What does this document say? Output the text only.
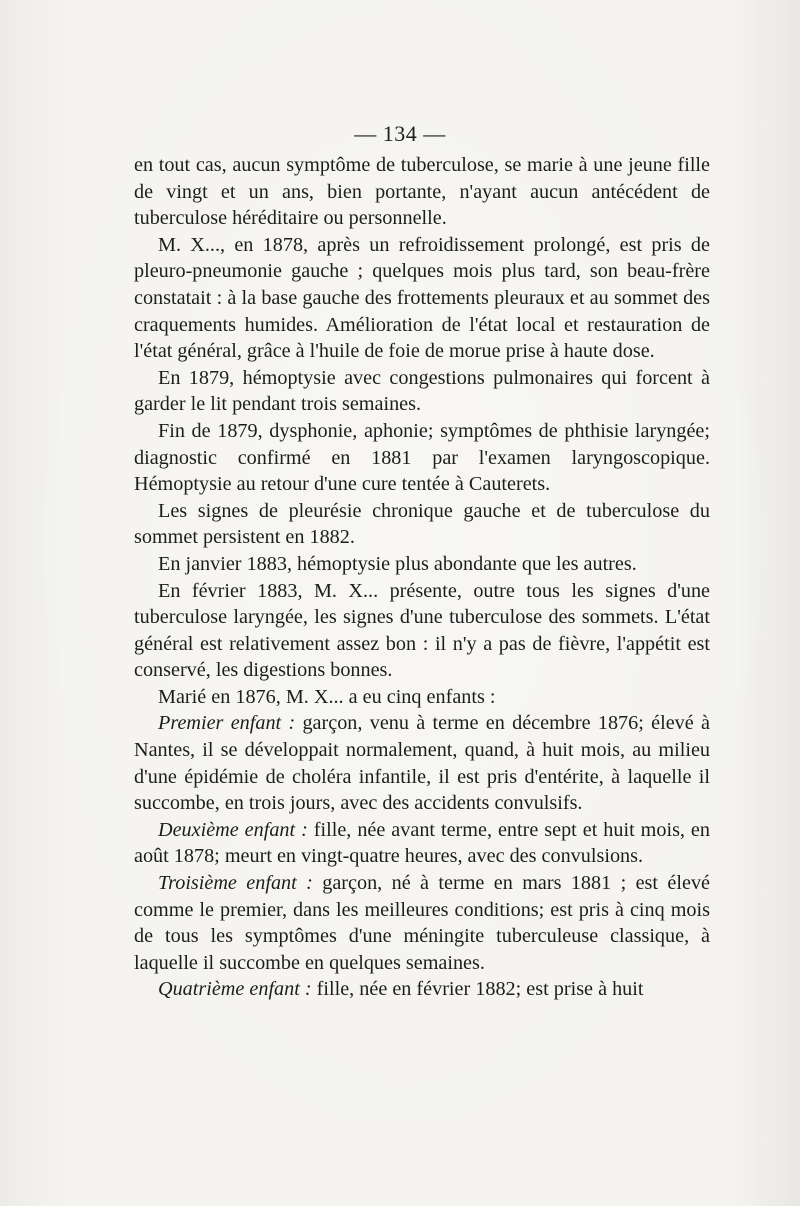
— 134 —

en tout cas, aucun symptôme de tuberculose, se marie à une jeune fille de vingt et un ans, bien portante, n'ayant aucun antécédent de tuberculose héréditaire ou personnelle.

M. X..., en 1878, après un refroidissement prolongé, est pris de pleuro-pneumonie gauche ; quelques mois plus tard, son beau-frère constatait : à la base gauche des frottements pleuraux et au sommet des craquements humides. Amélioration de l'état local et restauration de l'état général, grâce à l'huile de foie de morue prise à haute dose.

En 1879, hémoptysie avec congestions pulmonaires qui forcent à garder le lit pendant trois semaines.

Fin de 1879, dysphonie, aphonie; symptômes de phthisie laryngée; diagnostic confirmé en 1881 par l'examen laryngoscopique. Hémoptysie au retour d'une cure tentée à Cauterets.

Les signes de pleurésie chronique gauche et de tuberculose du sommet persistent en 1882.

En janvier 1883, hémoptysie plus abondante que les autres.

En février 1883, M. X... présente, outre tous les signes d'une tuberculose laryngée, les signes d'une tuberculose des sommets. L'état général est relativement assez bon : il n'y a pas de fièvre, l'appétit est conservé, les digestions bonnes.

Marié en 1876, M. X... a eu cinq enfants :

Premier enfant : garçon, venu à terme en décembre 1876; élevé à Nantes, il se développait normalement, quand, à huit mois, au milieu d'une épidémie de choléra infantile, il est pris d'entérite, à laquelle il succombe, en trois jours, avec des accidents convulsifs.

Deuxième enfant : fille, née avant terme, entre sept et huit mois, en août 1878; meurt en vingt-quatre heures, avec des convulsions.

Troisième enfant : garçon, né à terme en mars 1881 ; est élevé comme le premier, dans les meilleures conditions; est pris à cinq mois de tous les symptômes d'une méningite tuberculeuse classique, à laquelle il succombe en quelques semaines.

Quatrième enfant : fille, née en février 1882; est prise à huit
